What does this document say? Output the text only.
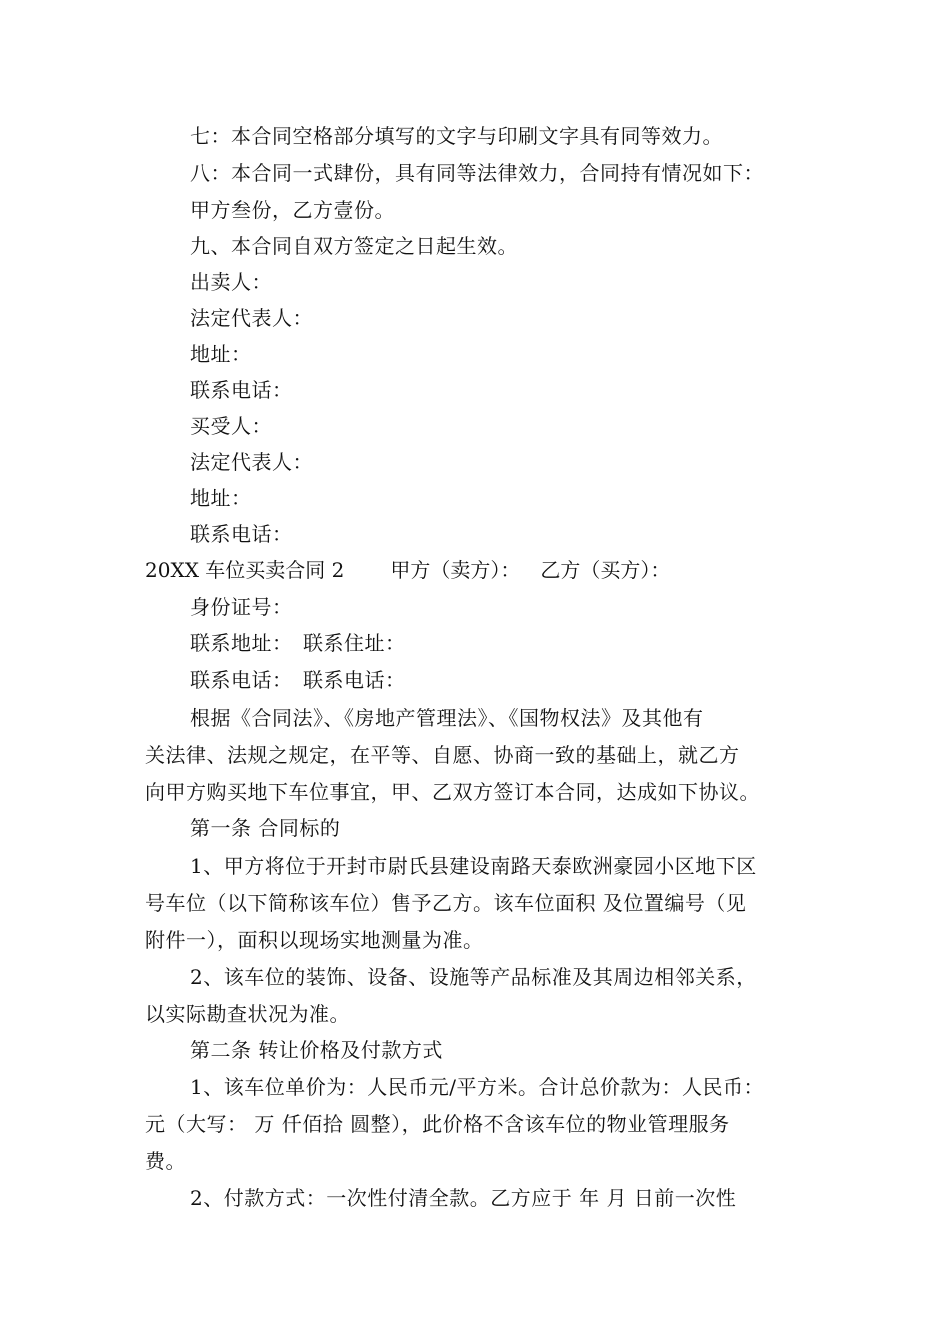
七：本合同空格部分填写的文字与印刷文字具有同等效力。
八：本合同一式肆份，具有同等法律效力，合同持有情况如下：
甲方叁份，乙方壹份。
九、本合同自双方签定之日起生效。
出卖人：
法定代表人：
地址：
联系电话：
买受人：
法定代表人：
地址：
联系电话：
20XX 车位买卖合同 2 甲方（卖方）： 乙方（买方）：
身份证号：
联系地址：　联系住址：
联系电话：　联系电话：
根据《合同法》、《房地产管理法》、《国物权法》及其他有
关法律、法规之规定，在平等、自愿、协商一致的基础上，就乙方
向甲方购买地下车位事宜，甲、乙双方签订本合同，达成如下协议。
第一条 合同标的
1、甲方将位于开封市尉氏县建设南路天泰欧洲豪园小区地下区
号车位（以下简称该车位）售予乙方。该车位面积 及位置编号（见
附件一），面积以现场实地测量为准。
2、该车位的装饰、设备、设施等产品标准及其周边相邻关系，
以实际勘查状况为准。
第二条 转让价格及付款方式
1、该车位单价为：人民币元/平方米。合计总价款为：人民币：
元（大写： 万 仟佰拾 圆整），此价格不含该车位的物业管理服务
费。
2、付款方式：一次性付清全款。乙方应于 年 月 日前一次性
